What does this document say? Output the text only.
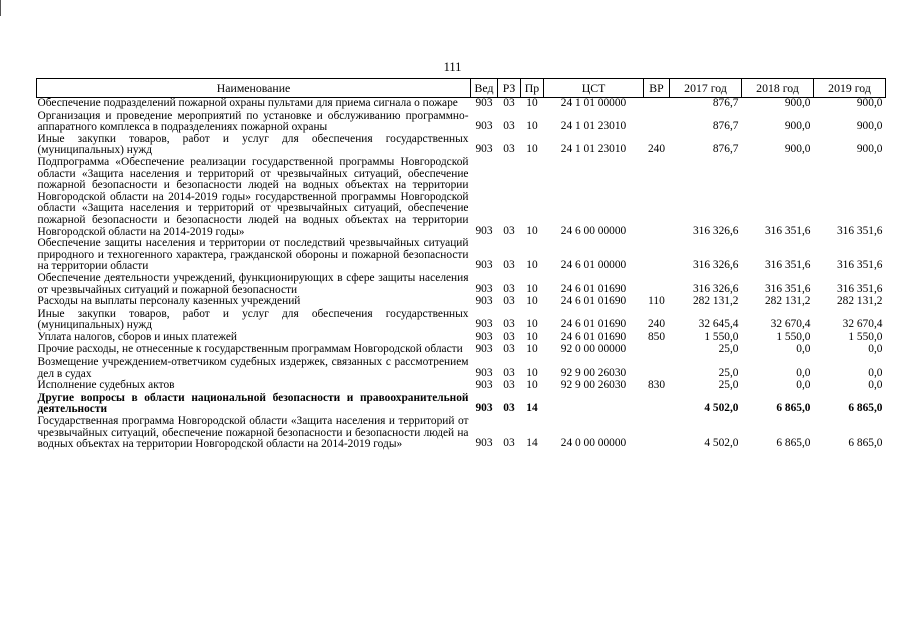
111
Наименование	Вед	РЗ	Пр	ЦСТ	ВР	2017 год	2018 год	2019 год
Обеспечение подразделений пожарной охраны пультами для приема сигнала о пожаре	903	03	10	24 1 01 00000		876,7	900,0	900,0
Организация и проведение мероприятий по установке и обслуживанию программно-аппаратного комплекса в подразделениях пожарной охраны	903	03	10	24 1 01 23010		876,7	900,0	900,0
Иные закупки товаров, работ и услуг для обеспечения государственных (муниципальных) нужд	903	03	10	24 1 01 23010	240	876,7	900,0	900,0
Подпрограмма «Обеспечение реализации государственной программы Новгородской области «Защита населения и территорий от чрезвычайных ситуаций, обеспечение пожарной безопасности и безопасности людей на водных объектах на территории Новгородской области на 2014-2019 годы» государственной программы Новгородской области «Защита населения и территорий от чрезвычайных ситуаций, обеспечение пожарной безопасности и безопасности людей на водных объектах на территории Новгородской области на 2014-2019 годы»	903	03	10	24 6 00 00000		316 326,6	316 351,6	316 351,6
Обеспечение защиты населения и территории от последствий чрезвычайных ситуаций природного и техногенного характера, гражданской обороны и пожарной безопасности на территории области	903	03	10	24 6 01 00000		316 326,6	316 351,6	316 351,6
Обеспечение деятельности учреждений, функционирующих в сфере защиты населения от чрезвычайных ситуаций и пожарной безопасности	903	03	10	24 6 01 01690		316 326,6	316 351,6	316 351,6
Расходы на выплаты персоналу казенных учреждений	903	03	10	24 6 01 01690	110	282 131,2	282 131,2	282 131,2
Иные закупки товаров, работ и услуг для обеспечения государственных (муниципальных) нужд	903	03	10	24 6 01 01690	240	32 645,4	32 670,4	32 670,4
Уплата налогов, сборов и иных платежей	903	03	10	24 6 01 01690	850	1 550,0	1 550,0	1 550,0
Прочие расходы, не отнесенные к государственным программам Новгородской области	903	03	10	92 0 00 00000		25,0	0,0	0,0
Возмещение учреждением-ответчиком судебных издержек, связанных с рассмотрением дел в судах	903	03	10	92 9 00 26030		25,0	0,0	0,0
Исполнение судебных актов	903	03	10	92 9 00 26030	830	25,0	0,0	0,0
Другие вопросы в области национальной безопасности и правоохранительной деятельности	903	03	14			4 502,0	6 865,0	6 865,0
Государственная программа Новгородской области «Защита населения и территорий от чрезвычайных ситуаций, обеспечение пожарной безопасности и безопасности людей на водных объектах на территории Новгородской области на 2014-2019 годы»	903	03	14	24 0 00 00000		4 502,0	6 865,0	6 865,0
